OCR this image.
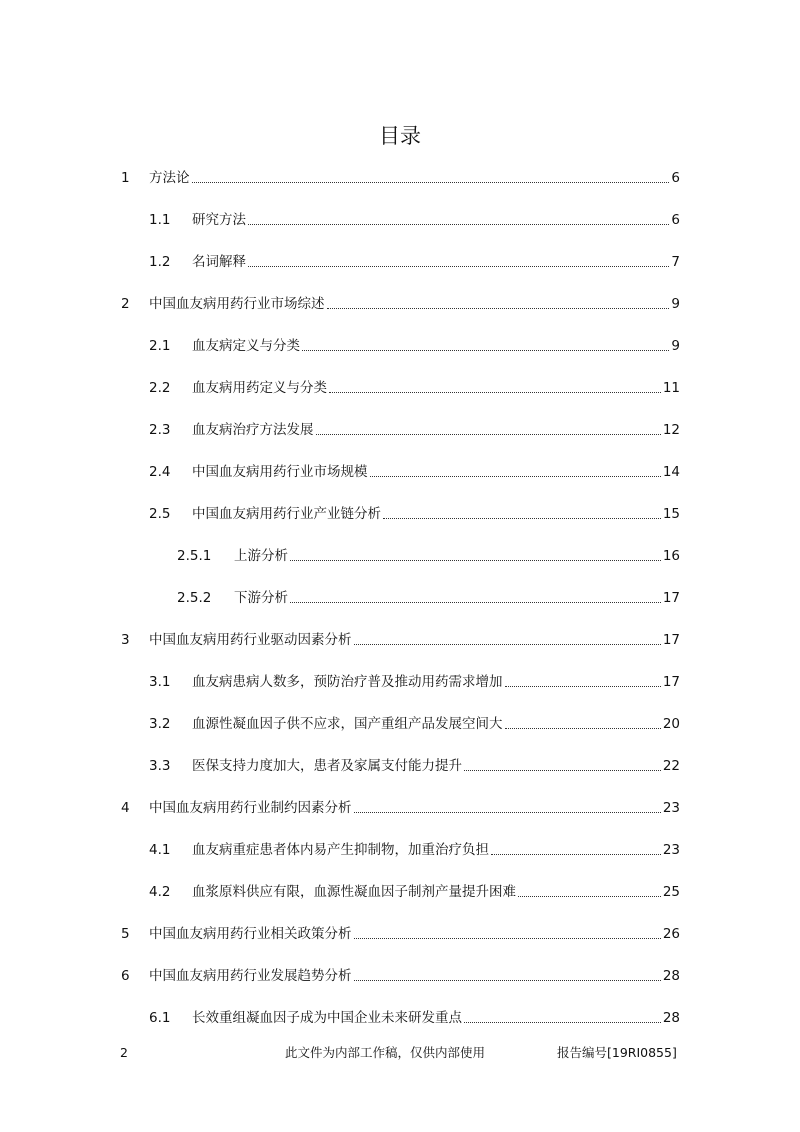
目录
1 方法论	6
1.1 研究方法	6
1.2 名词解释	7
2 中国血友病用药行业市场综述	9
2.1 血友病定义与分类	9
2.2 血友病用药定义与分类	11
2.3 血友病治疗方法发展	12
2.4 中国血友病用药行业市场规模	14
2.5 中国血友病用药行业产业链分析	15
2.5.1 上游分析	16
2.5.2 下游分析	17
3 中国血友病用药行业驱动因素分析	17
3.1 血友病患病人数多，预防治疗普及推动用药需求增加	17
3.2 血源性凝血因子供不应求，国产重组产品发展空间大	20
3.3 医保支持力度加大，患者及家属支付能力提升	22
4 中国血友病用药行业制约因素分析	23
4.1 血友病重症患者体内易产生抑制物，加重治疗负担	23
4.2 血浆原料供应有限，血源性凝血因子制剂产量提升困难	25
5 中国血友病用药行业相关政策分析	26
6 中国血友病用药行业发展趋势分析	28
6.1 长效重组凝血因子成为中国企业未来研发重点	28
2	此文件为内部工作稿，仅供内部使用	报告编号[19RI0855]
